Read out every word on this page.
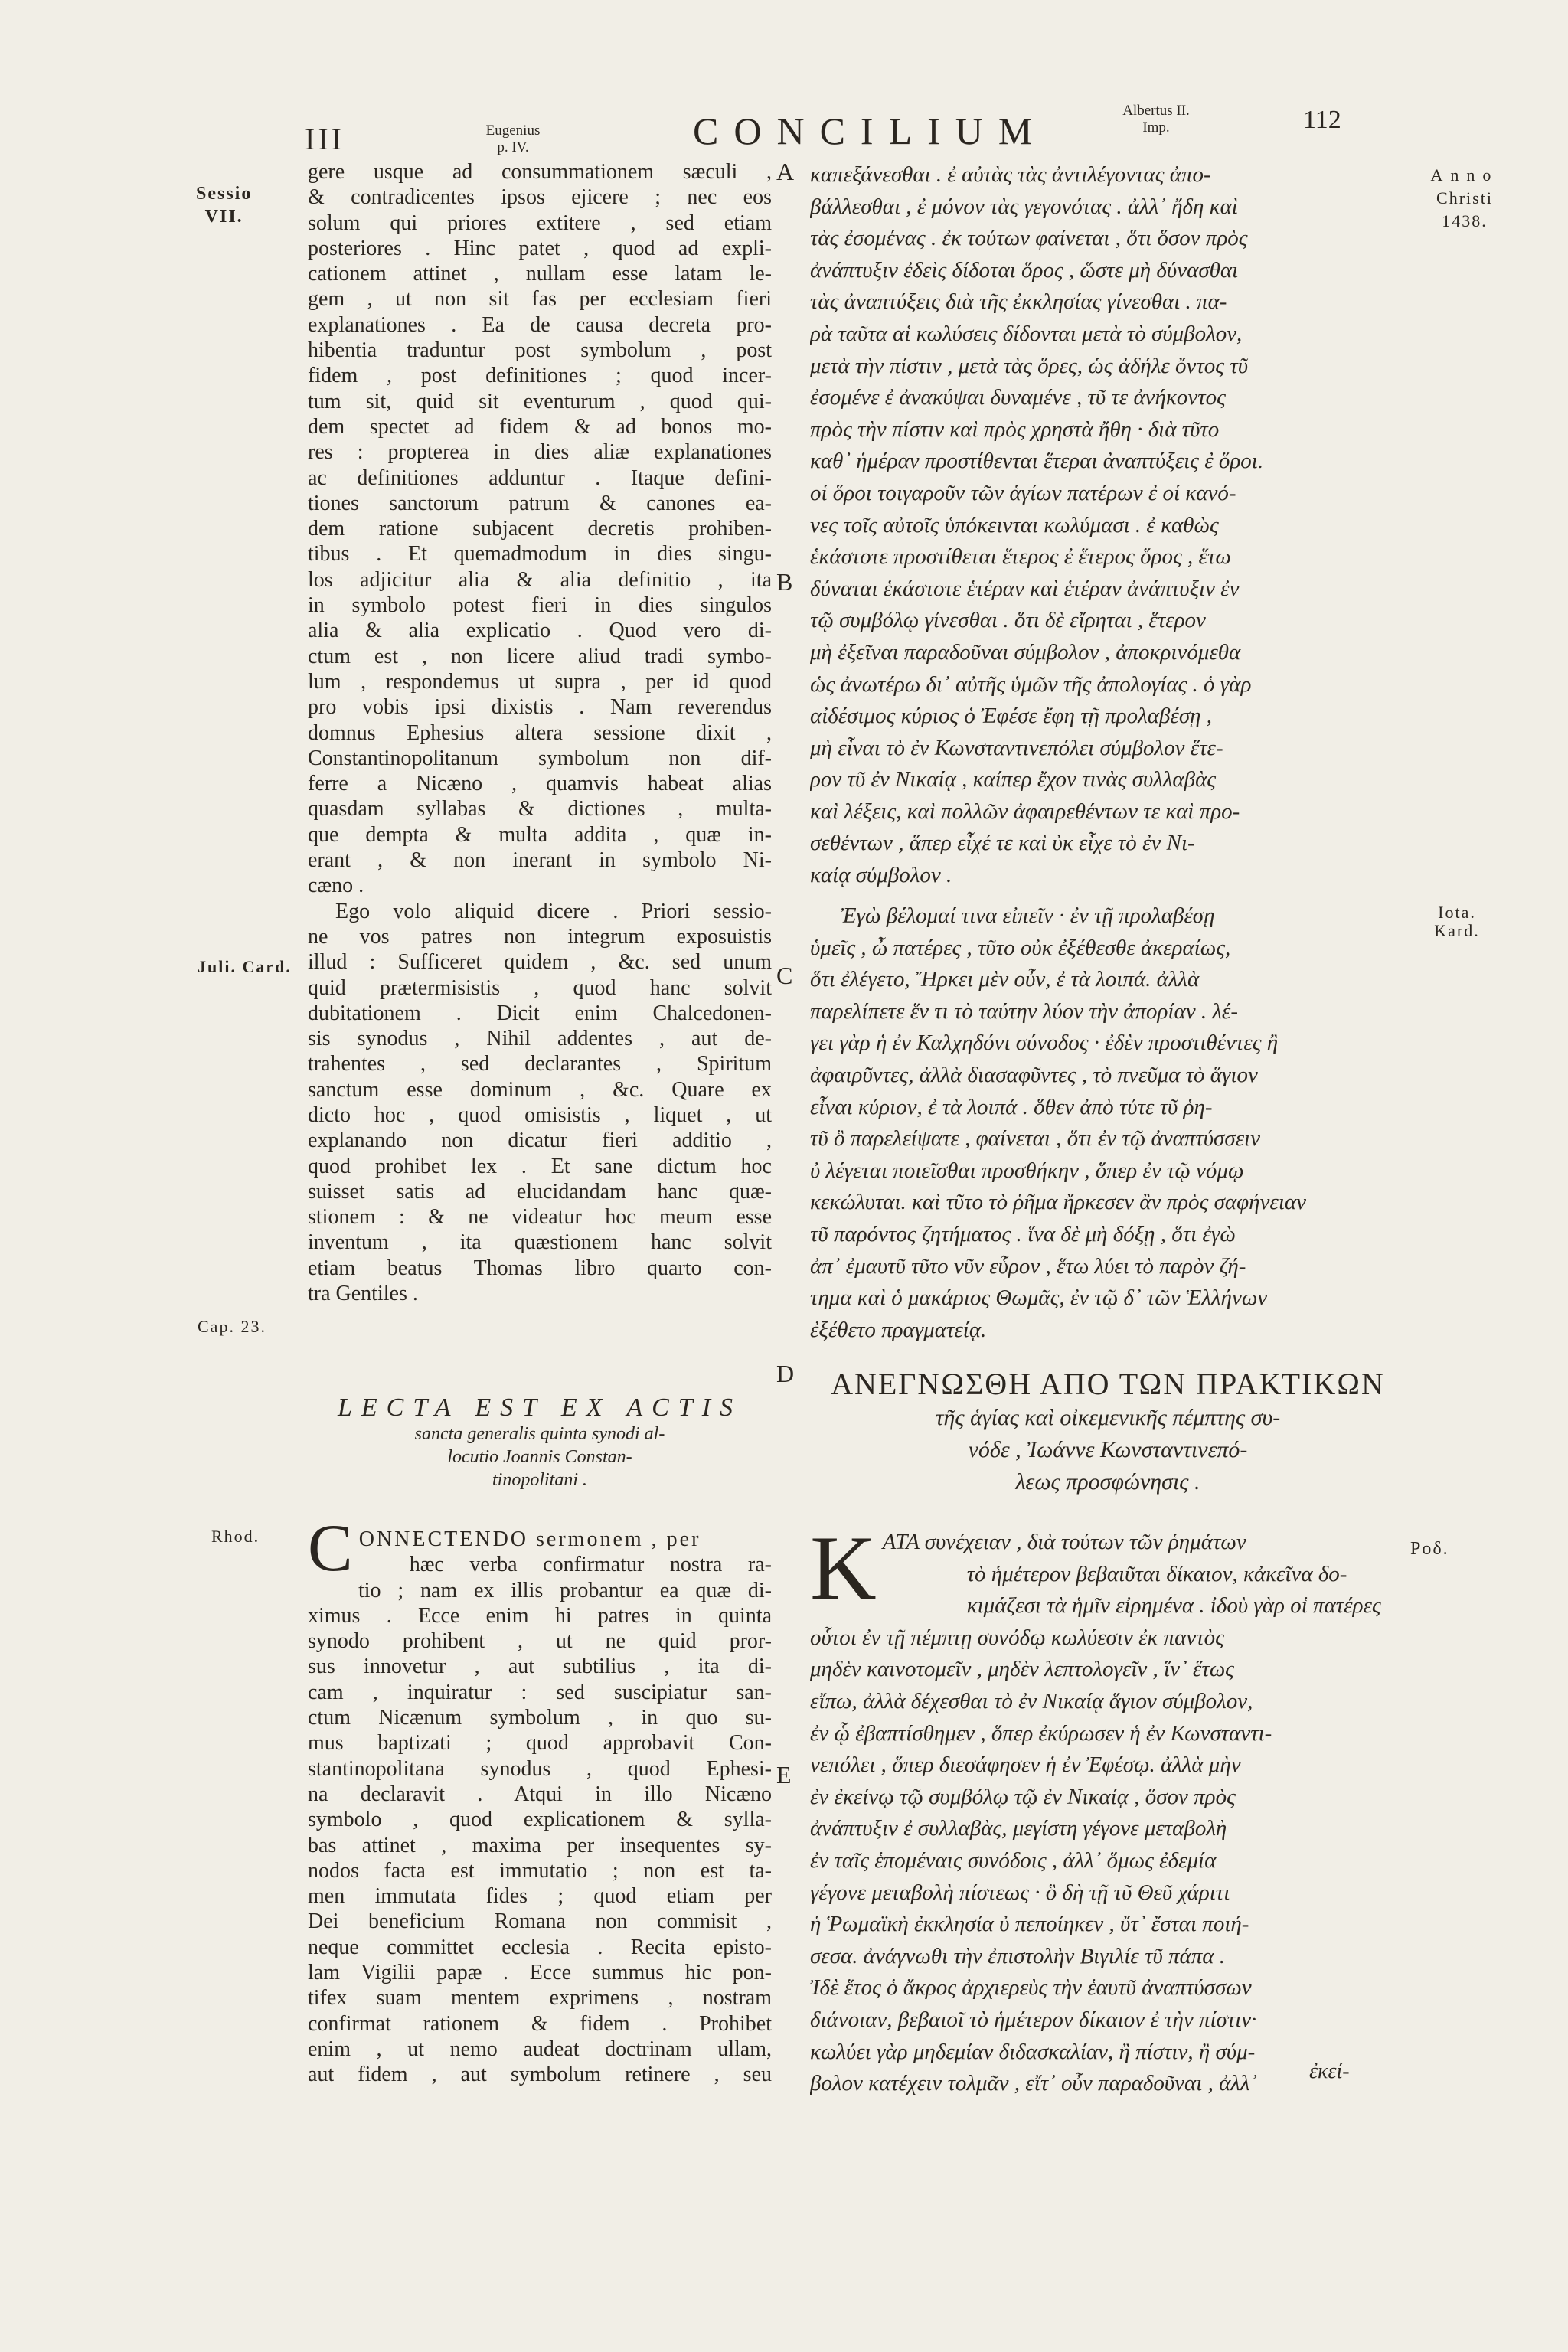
III	Eugenius
p. IV.	CONCILIUM	Albertus II.
Imp.	112
Anno
Christi
1438.
Sessio
VII.
Juli. Card.
Cap. 23.
Rhod.
Iota.
Kard.
Ροδ.
A
B
C
D
E
gere usque ad consummationem sæculi ,
& contradicentes ipsos ejicere ; nec eos
solum qui priores extitere , sed etiam
posteriores . Hinc patet , quod ad expli-
cationem attinet , nullam esse latam le-
gem , ut non sit fas per ecclesiam fieri
explanationes . Ea de causa decreta pro-
hibentia traduntur post symbolum , post
fidem , post definitiones ; quod incer-
tum sit, quid sit eventurum , quod qui-
dem spectet ad fidem & ad bonos mo-
res : propterea in dies aliæ explanationes
ac definitiones adduntur . Itaque defini-
tiones sanctorum patrum & canones ea-
dem ratione subjacent decretis prohiben-
tibus . Et quemadmodum in dies singu-
los adjicitur alia & alia definitio , ita
in symbolo potest fieri in dies singulos
alia & alia explicatio . Quod vero di-
ctum est , non licere aliud tradi symbo-
lum , respondemus ut supra , per id quod
pro vobis ipsi dixistis . Nam reverendus
domnus Ephesius altera sessione dixit ,
Constantinopolitanum symbolum non dif-
ferre a Nicæno , quamvis habeat alias
quasdam syllabas & dictiones , multa-
que dempta & multa addita , quæ in-
erant , & non inerant in symbolo Ni-
cæno .
Ego volo aliquid dicere . Priori sessio-
ne vos patres non integrum exposuistis
illud : Sufficeret quidem , &c. sed unum
quid prætermisistis , quod hanc solvit
dubitationem . Dicit enim Chalcedonen-
sis synodus , Nihil addentes , aut de-
trahentes , sed declarantes , Spiritum
sanctum esse dominum , &c. Quare ex
dicto hoc , quod omisistis , liquet , ut
explanando non dicatur fieri additio ,
quod prohibet lex . Et sane dictum hoc
suisset satis ad elucidandam hanc quæ-
stionem : & ne videatur hoc meum esse
inventum , ita quæstionem hanc solvit
etiam beatus Thomas libro quarto con-
tra Gentiles .
LECTA EST EX ACTIS
sancta generalis quinta synodi al-
locutio Joannis Constan-
tinopolitani .
C ONNECTENDO sermonem , per
hæc verba confirmatur nostra ra-
tio ; nam ex illis probantur ea quæ di-
ximus . Ecce enim hi patres in quinta
synodo prohibent , ut ne quid pror-
sus innovetur , aut subtilius , ita di-
cam , inquiratur : sed suscipiatur san-
ctum Nicænum symbolum , in quo su-
mus baptizati ; quod approbavit Con-
stantinopolitana synodus , quod Ephesi-
na declaravit . Atqui in illo Nicæno
symbolo , quod explicationem & sylla-
bas attinet , maxima per insequentes sy-
nodos facta est immutatio ; non est ta-
men immutata fides ; quod etiam per
Dei beneficium Romana non commisit ,
neque committet ecclesia . Recita episto-
lam Vigilii papæ . Ecce summus hic pon-
tifex suam mentem exprimens , nostram
confirmat rationem & fidem . Prohibet
enim , ut nemo audeat doctrinam ullam,
aut fidem , aut symbolum retinere , seu
καπεξάνεσθαι . ἐ αὐτὰς τὰς ἀντιλέγοντας ἀπο-
βάλλεσθαι , ἐ μόνον τὰς γεγονότας . ἀλλ᾽ ἤδη καὶ
τὰς ἐσομένας . ἐκ τούτων φαίνεται , ὅτι ὅσον πρὸς
ἀνάπτυξιν ἐδεὶς δίδοται ὅρος , ὥστε μὴ δύνασθαι
τὰς ἀναπτύξεις διὰ τῆς ἐκκλησίας γίνεσθαι . πα-
ρὰ ταῦτα αἱ κωλύσεις δίδονται μετὰ τὸ σύμβολον,
μετὰ τὴν πίστιν , μετὰ τὰς ὅρες, ὡς ἀδήλε ὄντος τῦ
ἐσομένε ἐ ἀνακύψαι δυναμένε , τῦ τε ἀνήκοντος
πρὸς τὴν πίστιν καὶ πρὸς χρηστὰ ἤθη · διὰ τῦτο
καθ᾽ ἡμέραν προστίθενται ἕτεραι ἀναπτύξεις ἐ ὅροι.
οἱ ὅροι τοιγαροῦν τῶν ἁγίων πατέρων ἐ οἱ κανό-
νες τοῖς αὐτοῖς ὑπόκεινται κωλύμασι . ἐ καθὼς
ἑκάστοτε προστίθεται ἕτερος ἐ ἕτερος ὅρος , ἕτω
δύναται ἑκάστοτε ἑτέραν καὶ ἑτέραν ἀνάπτυξιν ἐν
τῷ συμβόλῳ γίνεσθαι . ὅτι δὲ εἴρηται , ἕτερον
μὴ ἐξεῖναι παραδοῦναι σύμβολον , ἀποκρινόμεθα
ὡς ἀνωτέρω δι᾽ αὐτῆς ὑμῶν τῆς ἀπολογίας . ὁ γὰρ
αἰδέσιμος κύριος ὁ Ἐφέσε ἔφη τῇ προλαβέσῃ ,
μὴ εἶναι τὸ ἐν Κωνσταντινεπόλει σύμβολον ἕτε-
ρον τῦ ἐν Νικαίᾳ , καίπερ ἔχον τινὰς συλλαβὰς
καὶ λέξεις, καὶ πολλῶν ἀφαιρεθέντων τε καὶ προ-
σεθέντων , ἅπερ εἶχέ τε καὶ ὐκ εἶχε τὸ ἐν Νι-
καίᾳ σύμβολον .
Ἐγὼ βέλομαί τινα εἰπεῖν · ἐν τῇ προλαβέσῃ
ὑμεῖς , ὦ πατέρες , τῦτο οὐκ ἐξέθεσθε ἀκεραίως,
ὅτι ἐλέγετο, Ἤρκει μὲν οὖν, ἐ τὰ λοιπά. ἀλλὰ
παρελίπετε ἕν τι τὸ ταύτην λύον τὴν ἀπορίαν . λέ-
γει γὰρ ἡ ἐν Καλχηδόνι σύνοδος · ἐδὲν προστιθέντες ἢ
ἀφαιρῦντες, ἀλλὰ διασαφῦντες , τὸ πνεῦμα τὸ ἅγιον
εἶναι κύριον, ἐ τὰ λοιπά . ὅθεν ἀπὸ τύτε τῦ ῥη-
τῦ ὃ παρελείψατε , φαίνεται , ὅτι ἐν τῷ ἀναπτύσσειν
ὐ λέγεται ποιεῖσθαι προσθήκην , ὅπερ ἐν τῷ νόμῳ
κεκώλυται. καὶ τῦτο τὸ ῥῆμα ἤρκεσεν ἂν πρὸς σαφήνειαν
τῦ παρόντος ζητήματος . ἵνα δὲ μὴ δόξῃ , ὅτι ἐγὼ
ἀπ᾽ ἐμαυτῦ τῦτο νῦν εὗρον , ἕτω λύει τὸ παρὸν ζή-
τημα καὶ ὁ μακάριος Θωμᾶς, ἐν τῷ δ᾽ τῶν Ἑλλήνων
ἐξέθετο πραγματείᾳ.
ΑΝΕΓΝΩΣΘΗ ΑΠΟ ΤΩΝ ΠΡΑΚΤΙΚΩΝ
τῆς ἁγίας καὶ οἰκεμενικῆς πέμπτης συ-
νόδε , Ἰωάννε Κωνσταντινεπό-
λεως προσφώνησις .
K ΑΤΑ συνέχειαν , διὰ τούτων τῶν ῥημάτων
τὸ ἡμέτερον βεβαιῦται δίκαιον, κἀκεῖνα δο-
κιμάζεσι τὰ ἡμῖν εἰρημένα . ἰδοὺ γὰρ οἱ πατέρες
οὗτοι ἐν τῇ πέμπτῃ συνόδῳ κωλύεσιν ἐκ παντὸς
μηδὲν καινοτομεῖν , μηδὲν λεπτολογεῖν , ἵν᾽ ἕτως
εἴπω, ἀλλὰ δέχεσθαι τὸ ἐν Νικαίᾳ ἅγιον σύμβολον,
ἐν ᾧ ἐβαπτίσθημεν , ὅπερ ἐκύρωσεν ἡ ἐν Κωνσταντι-
νεπόλει , ὅπερ διεσάφησεν ἡ ἐν Ἐφέσῳ. ἀλλὰ μὴν
ἐν ἐκείνῳ τῷ συμβόλῳ τῷ ἐν Νικαίᾳ , ὅσον πρὸς
ἀνάπτυξιν ἐ συλλαβὰς, μεγίστη γέγονε μεταβολὴ
ἐν ταῖς ἑπομέναις συνόδοις , ἀλλ᾽ ὅμως ἐδεμία
γέγονε μεταβολὴ πίστεως · ὃ δὴ τῇ τῦ Θεῦ χάριτι
ἡ Ῥωμαϊκὴ ἐκκλησία ὐ πεποίηκεν , ὔτ᾽ ἔσται ποιή-
σεσα. ἀνάγνωθι τὴν ἐπιστολὴν Βιγιλίε τῦ πάπα .
Ἰδὲ ἕτος ὁ ἄκρος ἀρχιερεὺς τὴν ἑαυτῦ ἀναπτύσσων
διάνοιαν, βεβαιοῖ τὸ ἡμέτερον δίκαιον ἐ τὴν πίστιν·
κωλύει γὰρ μηδεμίαν διδασκαλίαν, ἢ πίστιν, ἢ σύμ-
βολον κατέχειν τολμᾶν , εἴτ᾽ οὖν παραδοῦναι , ἀλλ᾽	ἐκεί-
